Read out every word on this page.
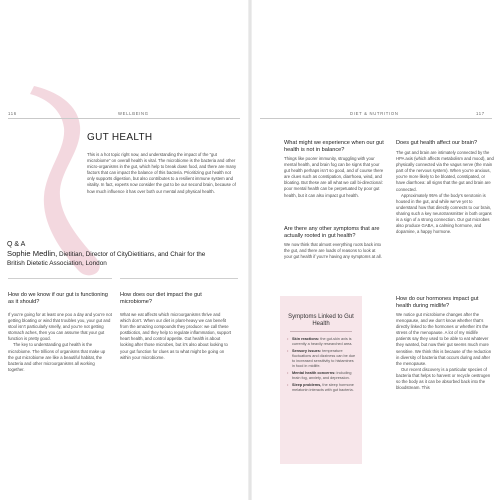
116	WELLBEING	DIET & NUTRITION	117
GUT HEALTH

This is a hot topic right now, and understanding the impact of the “gut microbiome” on overall health is vital. The microbiome is the bacteria and other micro-organisms in the gut, which help to break down food, and there are many factors that can impact the balance of this bacteria. Prioritizing gut health not only supports digestion, but also contributes to a resilient immune system and vitality. In fact, experts now consider the gut to be our second brain, because of how much influence it has over both our mental and physical health.

Q & A
Sophie Medlin, Dietitian, Director of CityDietitians, and Chair for the British Dietetic Association, London
How do we know if our gut is functioning as it should?

If you’re going for at least one poo a day and you’re not getting bloating or wind that troubles you, your gut and stool isn’t particularly smelly, and you’re not getting stomach aches, then you can assume that your gut function is pretty good.

The key to understanding gut health is the microbiome. The trillions of organisms that make up the gut microbiome are like a beautiful habitat, the bacteria and other microorganisms all working together.

How does our diet impact the gut microbiome?

What we eat affects which microorganisms thrive and which don’t. When our diet is plant-heavy we can benefit from the amazing compounds they produce: we call these postbiotics, and they help to regulate inflammation, support heart health, and control appetite. Gut health is about looking after those microbes, but it’s also about looking to your gut function for clues as to what might be going on within your microbiome.

What might we experience when our gut health is not in balance?

Things like poorer immunity, struggling with your mental health, and brain fog can be signs that your gut health perhaps isn’t so good, and of course there are clues such as constipation, diarrhoea, wind, and bloating. But these are all what we call bi-directional: poor mental health can be perpetuated by poor gut health, but it can also impact gut health.

Are there any other symptoms that are actually rooted in gut health?

We now think that almost everything roots back into the gut, and there are loads of reasons to look at your gut health if you’re having any symptoms at all.

Does gut health affect our brain?

The gut and brain are intimately connected by the HPA axis (which affects metabolism and mood), and physically connected via the vagus nerve (the main part of the nervous system). When you’re anxious, you’re more likely to be bloated, constipated, or have diarrhoea: all signs that the gut and brain are connected.

Approximately 95% of the body’s serotonin is housed in the gut, and while we’ve yet to understand how that directly connects to our brain, sharing such a key neurotransmitter in both organs is a sign of a strong connection. Our gut microbes also produce GABA, a calming hormone, and dopamine, a happy hormone.

How do our hormones impact gut health during midlife?

We notice gut microbiome changes after the menopause, and we don’t know whether that’s directly linked to the hormones or whether it’s the stress of the menopause. A lot of my midlife patients say they used to be able to eat whatever they wanted, but now their gut seems much more sensitive. We think this is because of the reduction in diversity of bacteria that occurs during and after the menopause.

Our recent discovery is a particular species of bacteria that helps to harvest or recycle oestrogen so the body as it can be absorbed back into the bloodstream. This

Symptoms Linked to Gut Health
• Skin reactions: the gut-skin axis is currently a heavily researched area.
• Sensory issues: temperature fluctuations and dizziness can be due to increased sensitivity to histamines in food in midlife.
• Mental health concerns: including brain fog, anxiety, and depression.
• Sleep problems, the sleep hormone melatonin interacts with gut bacteria.
